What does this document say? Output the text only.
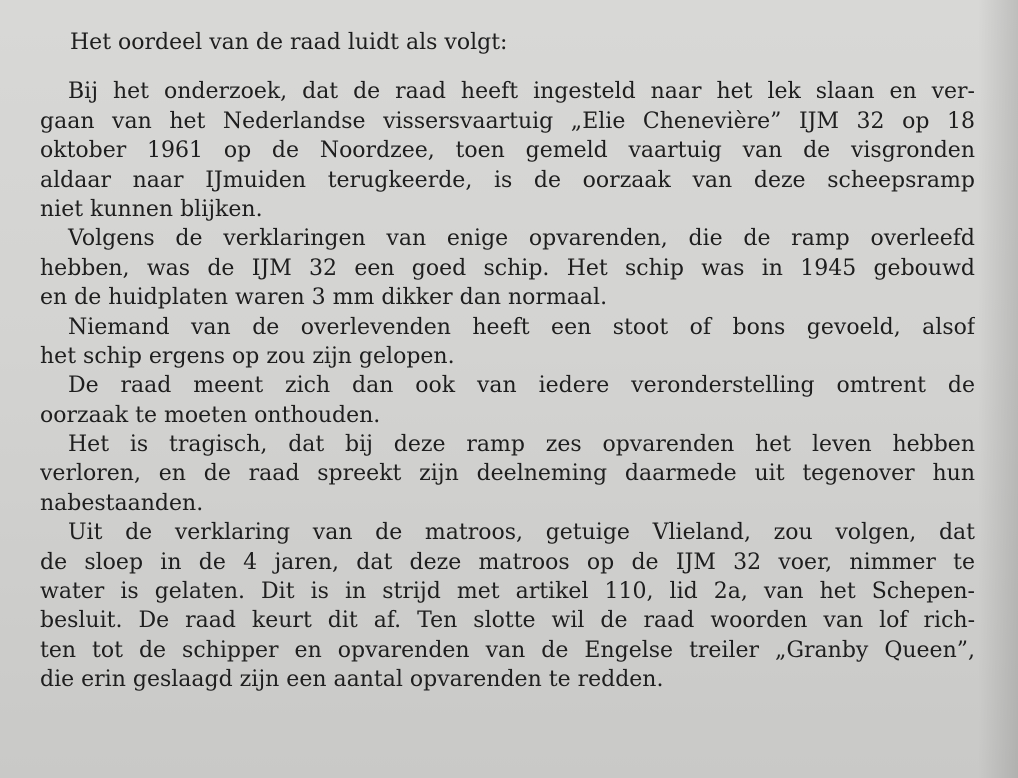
Het oordeel van de raad luidt als volgt:
Bij het onderzoek, dat de raad heeft ingesteld naar het lek slaan en ver-
gaan van het Nederlandse vissersvaartuig „Elie Chenevière” IJM 32 op 18
oktober 1961 op de Noordzee, toen gemeld vaartuig van de visgronden
aldaar naar IJmuiden terugkeerde, is de oorzaak van deze scheepsramp
niet kunnen blijken.
Volgens de verklaringen van enige opvarenden, die de ramp overleefd
hebben, was de IJM 32 een goed schip. Het schip was in 1945 gebouwd
en de huidplaten waren 3 mm dikker dan normaal.
Niemand van de overlevenden heeft een stoot of bons gevoeld, alsof
het schip ergens op zou zijn gelopen.
De raad meent zich dan ook van iedere veronderstelling omtrent de
oorzaak te moeten onthouden.
Het is tragisch, dat bij deze ramp zes opvarenden het leven hebben
verloren, en de raad spreekt zijn deelneming daarmede uit tegenover hun
nabestaanden.
Uit de verklaring van de matroos, getuige Vlieland, zou volgen, dat
de sloep in de 4 jaren, dat deze matroos op de IJM 32 voer, nimmer te
water is gelaten. Dit is in strijd met artikel 110, lid 2a, van het Schepen-
besluit. De raad keurt dit af. Ten slotte wil de raad woorden van lof rich-
ten tot de schipper en opvarenden van de Engelse treiler „Granby Queen”,
die erin geslaagd zijn een aantal opvarenden te redden.
